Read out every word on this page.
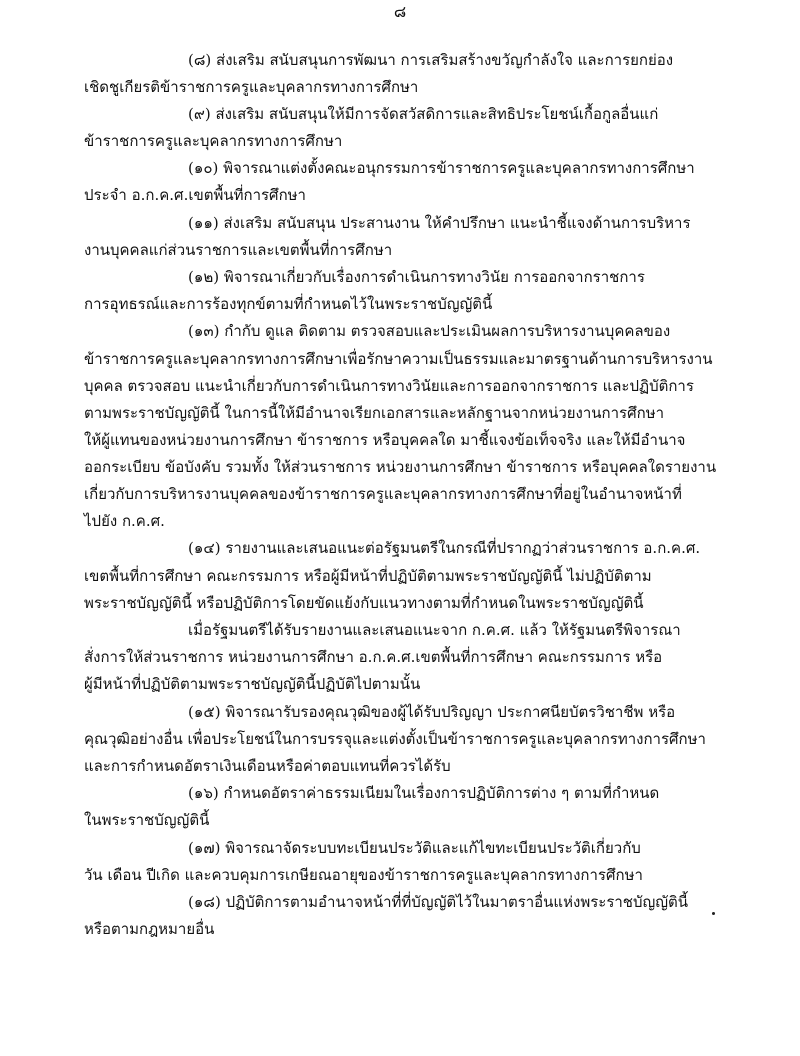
๘
(๘) ส่งเสริม สนับสนุนการพัฒนา การเสริมสร้างขวัญกำลังใจ และการยกย่อง
เชิดชูเกียรติข้าราชการครูและบุคลากรทางการศึกษา
(๙) ส่งเสริม สนับสนุนให้มีการจัดสวัสดิการและสิทธิประโยชน์เกื้อกูลอื่นแก่
ข้าราชการครูและบุคลากรทางการศึกษา
(๑๐) พิจารณาแต่งตั้งคณะอนุกรรมการข้าราชการครูและบุคลากรทางการศึกษา
ประจำ อ.ก.ค.ศ.เขตพื้นที่การศึกษา
(๑๑) ส่งเสริม สนับสนุน ประสานงาน ให้คำปรึกษา แนะนำชี้แจงด้านการบริหาร
งานบุคคลแก่ส่วนราชการและเขตพื้นที่การศึกษา
(๑๒) พิจารณาเกี่ยวกับเรื่องการดำเนินการทางวินัย การออกจากราชการ
การอุทธรณ์และการร้องทุกข์ตามที่กำหนดไว้ในพระราชบัญญัตินี้
(๑๓) กำกับ ดูแล ติดตาม ตรวจสอบและประเมินผลการบริหารงานบุคคลของ
ข้าราชการครูและบุคลากรทางการศึกษาเพื่อรักษาความเป็นธรรมและมาตรฐานด้านการบริหารงาน
บุคคล ตรวจสอบ แนะนำเกี่ยวกับการดำเนินการทางวินัยและการออกจากราชการ และปฏิบัติการ
ตามพระราชบัญญัตินี้ ในการนี้ให้มีอำนาจเรียกเอกสารและหลักฐานจากหน่วยงานการศึกษา
ให้ผู้แทนของหน่วยงานการศึกษา ข้าราชการ หรือบุคคลใด มาชี้แจงข้อเท็จจริง และให้มีอำนาจ
ออกระเบียบ ข้อบังคับ รวมทั้ง ให้ส่วนราชการ หน่วยงานการศึกษา ข้าราชการ หรือบุคคลใดรายงาน
เกี่ยวกับการบริหารงานบุคคลของข้าราชการครูและบุคลากรทางการศึกษาที่อยู่ในอำนาจหน้าที่
ไปยัง ก.ค.ศ.
(๑๔) รายงานและเสนอแนะต่อรัฐมนตรีในกรณีที่ปรากฏว่าส่วนราชการ อ.ก.ค.ศ.
เขตพื้นที่การศึกษา คณะกรรมการ หรือผู้มีหน้าที่ปฏิบัติตามพระราชบัญญัตินี้ ไม่ปฏิบัติตาม
พระราชบัญญัตินี้ หรือปฏิบัติการโดยขัดแย้งกับแนวทางตามที่กำหนดในพระราชบัญญัตินี้
เมื่อรัฐมนตรีได้รับรายงานและเสนอแนะจาก ก.ค.ศ. แล้ว ให้รัฐมนตรีพิจารณา
สั่งการให้ส่วนราชการ หน่วยงานการศึกษา อ.ก.ค.ศ.เขตพื้นที่การศึกษา คณะกรรมการ หรือ
ผู้มีหน้าที่ปฏิบัติตามพระราชบัญญัตินี้ปฏิบัติไปตามนั้น
(๑๕) พิจารณารับรองคุณวุฒิของผู้ได้รับปริญญา ประกาศนียบัตรวิชาชีพ หรือ
คุณวุฒิอย่างอื่น เพื่อประโยชน์ในการบรรจุและแต่งตั้งเป็นข้าราชการครูและบุคลากรทางการศึกษา
และการกำหนดอัตราเงินเดือนหรือค่าตอบแทนที่ควรได้รับ
(๑๖) กำหนดอัตราค่าธรรมเนียมในเรื่องการปฏิบัติการต่าง ๆ ตามที่กำหนด
ในพระราชบัญญัตินี้
(๑๗) พิจารณาจัดระบบทะเบียนประวัติและแก้ไขทะเบียนประวัติเกี่ยวกับ
วัน เดือน ปีเกิด และควบคุมการเกษียณอายุของข้าราชการครูและบุคลากรทางการศึกษา
(๑๘) ปฏิบัติการตามอำนาจหน้าที่ที่บัญญัติไว้ในมาตราอื่นแห่งพระราชบัญญัตินี้
หรือตามกฎหมายอื่น
